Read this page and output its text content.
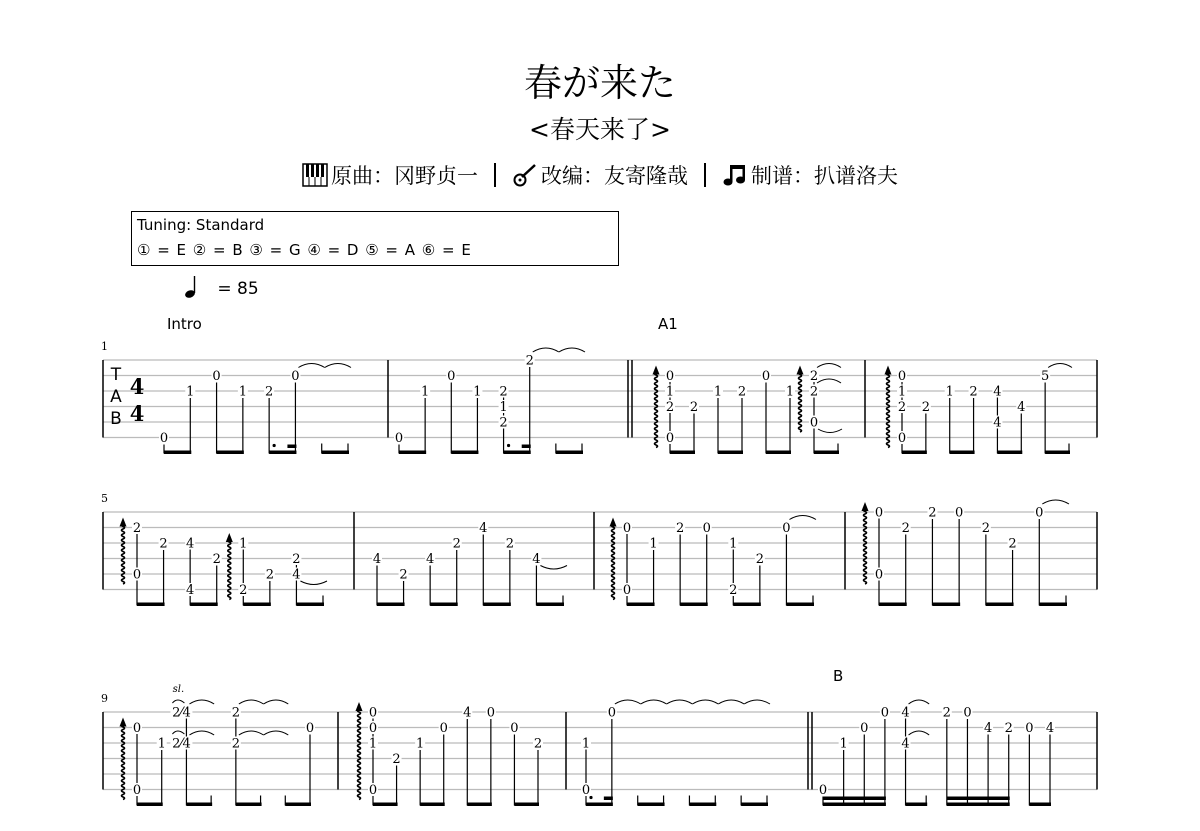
春が来た
<春天来了>
原曲：冈野贞一	改编：友寄隆哉	制谱：扒谱洛夫
Tuning: Standard
① = E ② = B ③ = G ④ = D ⑤ = A ⑥ = E
= 85
1
5
9
T
A
B
4
4
0
1
0
1 2
0
0
1
0
1 2
1
2
2
0
1
2
0
2
1 2
0
1
2
2
0
0
1
2
0
2
1 2 4
4
4
5
2
0
2 4
4
2
1
2
2
2
4
4
2
4
2
4
2
4
0
0
1
2 0
1
2
2
0
0
0
2
2 0
2
2
0
0
0
1
2⁄4
2⁄4
sl.
2
2
0
0
0
1
0
2
1
0
4 0
0
2	1
0
0
0
1
0
0 4
4
2 0
4 2 0 4
Intro	A1
B
